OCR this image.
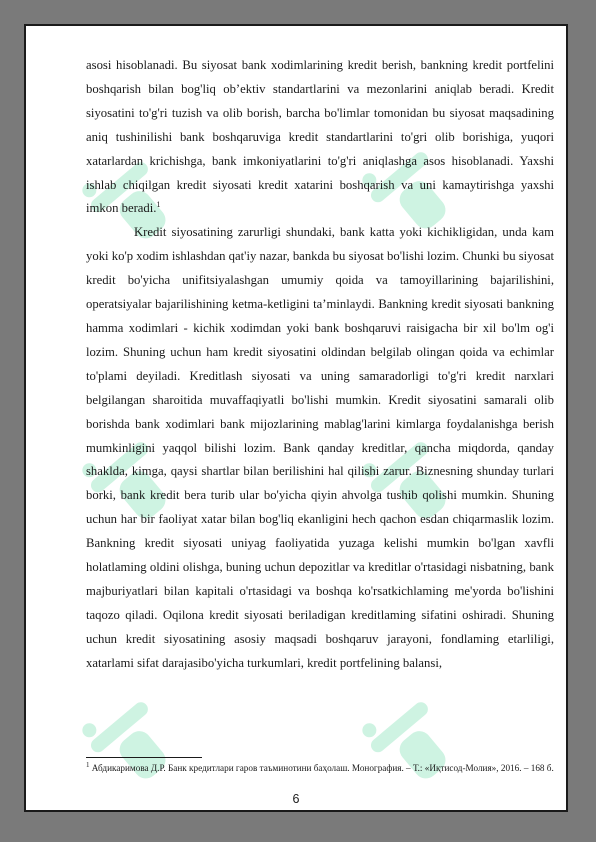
asosi hisoblanadi. Bu siyosat bank xodimlarining kredit berish, bankning kredit portfelini boshqarish bilan bog'liq ob’ektiv standartlarini va mezonlarini aniqlab beradi. Kredit siyosatini to'g'ri tuzish va olib borish, barcha bo'limlar tomonidan bu siyosat maqsadining aniq tushinilishi bank boshqaruviga kredit standartlarini to'gri olib borishiga, yuqori xatarlardan krichishga, bank imkoniyatlarini to'g'ri aniqlashga asos hisoblanadi. Yaxshi ishlab chiqilgan kredit siyosati kredit xatarini boshqarish va uni kamaytirishga yaxshi imkon beradi.$^1$

Kredit siyosatining zarurligi shundaki, bank katta yoki kichikligidan, unda kam yoki ko'p xodim ishlashdan qat'iy nazar, bankda bu siyosat bo'lishi lozim. Chunki bu siyosat kredit bo'yicha unifitsiyalashgan umumiy qoida va tamoyillarining bajarilishini, operatsiyalar bajarilishining ketma-ketligini ta’minlaydi. Bankning kredit siyosati bankning hamma xodimlari - kichik xodimdan yoki bank boshqaruvi raisigacha bir xil bo'lm og'i lozim. Shuning uchun ham kredit siyosatini oldindan belgilab olingan qoida va echimlar to'plami deyiladi. Kreditlash siyosati va uning samaradorligi to'g'ri kredit narxlari belgilangan sharoitida muvaffaqiyatli bo'lishi mumkin. Kredit siyosatini samarali olib borishda bank xodimlari bank mijozlarining mablag'larini kimlarga foydalanishga berish mumkinligini yaqqol bilishi lozim. Bank qanday kreditlar, qancha miqdorda, qanday shaklda, kimga, qaysi shartlar bilan berilishini hal qilishi zarur. Biznesning shunday turlari borki, bank kredit bera turib ular bo'yicha qiyin ahvolga tushib qolishi mumkin. Shuning uchun har bir faoliyat xatar bilan bog'liq ekanligini hech qachon esdan chiqarmaslik lozim. Bankning kredit siyosati uniyag faoliyatida yuzaga kelishi mumkin bo'lgan xavfli holatlaming oldini olishga, buning uchun depozitlar va kreditlar o'rtasidagi nisbatning, bank majburiyatlari bilan kapitali o'rtasidagi va boshqa ko'rsatkichlaming me'yorda bo'lishini taqozo qiladi. Oqilona kredit siyosati beriladigan kreditlaming sifatini oshiradi. Shuning uchun kredit siyosatining asosiy maqsadi boshqaruv jarayoni, fondlaming etarliligi, xatarlami sifat darajasibo'yicha turkumlari, kredit portfelining balansi,

$^1$ Абдикаримова Д.Р. Банк кредитлари гаров таъминотини баҳолаш. Монография. – Т.: «Иқтисод-Молия», 2016. – 168 б.
6
